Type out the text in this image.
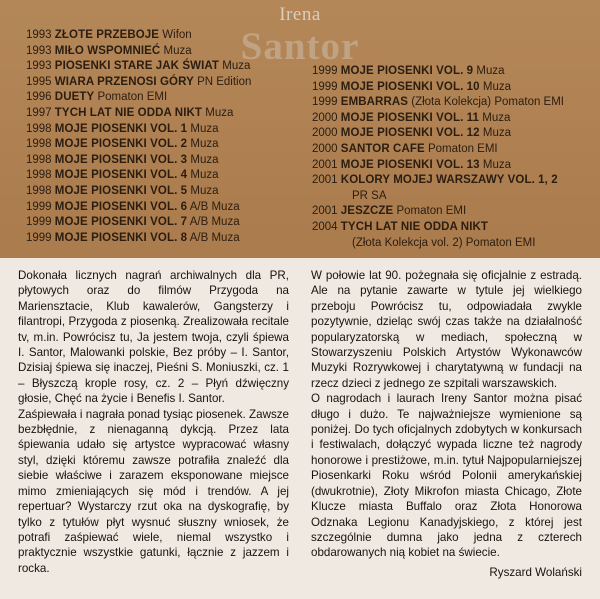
Irena
Santor
1993 ZŁOTE PRZEBOJE Wifon
1993 MIŁO WSPOMNIEĆ Muza
1993 PIOSENKI STARE JAK ŚWIAT Muza
1995 WIARA PRZENOSI GÓRY PN Edition
1996 DUETY Pomaton EMI
1997 TYCH LAT NIE ODDA NIKT Muza
1998 MOJE PIOSENKI VOL. 1 Muza
1998 MOJE PIOSENKI VOL. 2 Muza
1998 MOJE PIOSENKI VOL. 3 Muza
1998 MOJE PIOSENKI VOL. 4 Muza
1998 MOJE PIOSENKI VOL. 5 Muza
1999 MOJE PIOSENKI VOL. 6 A/B Muza
1999 MOJE PIOSENKI VOL. 7 A/B Muza
1999 MOJE PIOSENKI VOL. 8 A/B Muza
1999 MOJE PIOSENKI VOL. 9 Muza
1999 MOJE PIOSENKI VOL. 10 Muza
1999 EMBARRAS (Złota Kolekcja) Pomaton EMI
2000 MOJE PIOSENKI VOL. 11 Muza
2000 MOJE PIOSENKI VOL. 12 Muza
2000 SANTOR CAFE Pomaton EMI
2001 MOJE PIOSENKI VOL. 13 Muza
2001 KOLORY MOJEJ WARSZAWY VOL. 1, 2
PR SA
2001 JESZCZE Pomaton EMI
2004 TYCH LAT NIE ODDA NIKT
(Złota Kolekcja vol. 2) Pomaton EMI

Dokonała licznych nagrań archiwalnych dla PR, płytowych oraz do filmów Przygoda na Mariensztacie, Klub kawalerów, Gangsterzy i filantropi, Przygoda z piosenką. Zrealizowała recitale tv, m.in. Powrócisz tu, Ja jestem twoja, czyli śpiewa I. Santor, Malowanki polskie, Bez próby – I. Santor, Dzisiaj śpiewa się inaczej, Pieśni S. Moniuszki, cz. 1 – Błyszczą krople rosy, cz. 2 – Płyń dźwięczny głosie, Chęć na życie i Benefis I. Santor.

Zaśpiewała i nagrała ponad tysiąc piosenek. Zawsze bezbłędnie, z nienaganną dykcją. Przez lata śpiewania udało się artystce wypracować własny styl, dzięki któremu zawsze potrafiła znaleźć dla siebie właściwe i zarazem eksponowane miejsce mimo zmieniających się mód i trendów. A jej repertuar? Wystarczy rzut oka na dyskografię, by tylko z tytułów płyt wysnuć słuszny wniosek, że potrafi zaśpiewać wiele, niemal wszystko i praktycznie wszystkie gatunki, łącznie z jazzem i rocka.

W połowie lat 90. pożegnała się oficjalnie z estradą. Ale na pytanie zawarte w tytule jej wielkiego przeboju Powrócisz tu, odpowiadała zwykle pozytywnie, dzieląc swój czas także na działalność popularyzatorską w mediach, społeczną w Stowarzyszeniu Polskich Artystów Wykonawców Muzyki Rozrywkowej i charytatywną w fundacji na rzecz dzieci z jednego ze szpitali warszawskich.

O nagrodach i laurach Ireny Santor można pisać długo i dużo. Te najważniejsze wymienione są poniżej. Do tych oficjalnych zdobytych w konkursach i festiwalach, dołączyć wypada liczne też nagrody honorowe i prestiżowe, m.in. tytuł Najpopularniejszej Piosenkarki Roku wśród Polonii amerykańskiej (dwukrotnie), Złoty Mikrofon miasta Chicago, Złote Klucze miasta Buffalo oraz Złota Honorowa Odznaka Legionu Kanadyjskiego, z której jest szczególnie dumna jako jedna z czterech obdarowanych nią kobiet na świecie.

Ryszard Wolański
